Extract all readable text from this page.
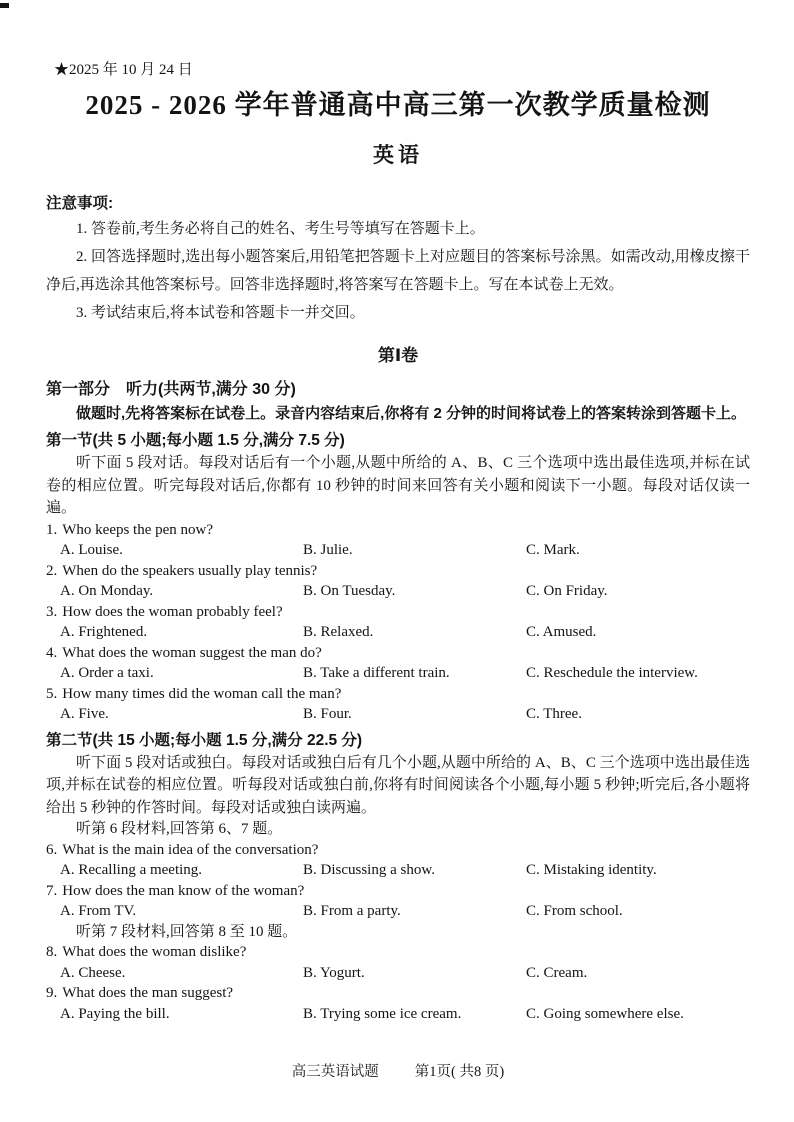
★2025 年 10 月 24 日
2025 - 2026 学年普通高中高三第一次教学质量检测
英语
注意事项:

1. 答卷前,考生务必将自己的姓名、考生号等填写在答题卡上。

2. 回答选择题时,选出每小题答案后,用铅笔把答题卡上对应题目的答案标号涂黑。如需改动,用橡皮擦干净后,再选涂其他答案标号。回答非选择题时,将答案写在答题卡上。写在本试卷上无效。

3. 考试结束后,将本试卷和答题卡一并交回。

第Ⅰ卷
第一部分　听力(共两节,满分 30 分)

做题时,先将答案标在试卷上。录音内容结束后,你将有 2 分钟的时间将试卷上的答案转涂到答题卡上。

第一节(共 5 小题;每小题 1.5 分,满分 7.5 分)

听下面 5 段对话。每段对话后有一个小题,从题中所给的 A、B、C 三个选项中选出最佳选项,并标在试卷的相应位置。听完每段对话后,你都有 10 秒钟的时间来回答有关小题和阅读下一小题。每段对话仅读一遍。

1. Who keeps the pen now?
A. Louise.	B. Julie.	C. Mark.
2. When do the speakers usually play tennis?
A. On Monday.	B. On Tuesday.	C. On Friday.
3. How does the woman probably feel?
A. Frightened.	B. Relaxed.	C. Amused.
4. What does the woman suggest the man do?
A. Order a taxi.	B. Take a different train.	C. Reschedule the interview.
5. How many times did the woman call the man?
A. Five.	B. Four.	C. Three.
第二节(共 15 小题;每小题 1.5 分,满分 22.5 分)

听下面 5 段对话或独白。每段对话或独白后有几个小题,从题中所给的 A、B、C 三个选项中选出最佳选项,并标在试卷的相应位置。听每段对话或独白前,你将有时间阅读各个小题,每小题 5 秒钟;听完后,各小题将给出 5 秒钟的作答时间。每段对话或独白读两遍。

听第 6 段材料,回答第 6、7 题。

6. What is the main idea of the conversation?
A. Recalling a meeting.	B. Discussing a show.	C. Mistaking identity.
7. How does the man know of the woman?
A. From TV.	B. From a party.	C. From school.

听第 7 段材料,回答第 8 至 10 题。

8. What does the woman dislike?
A. Cheese.	B. Yogurt.	C. Cream.
9. What does the man suggest?
A. Paying the bill.	B. Trying some ice cream.	C. Going somewhere else.
高三英语试题 第1页( 共8 页)
